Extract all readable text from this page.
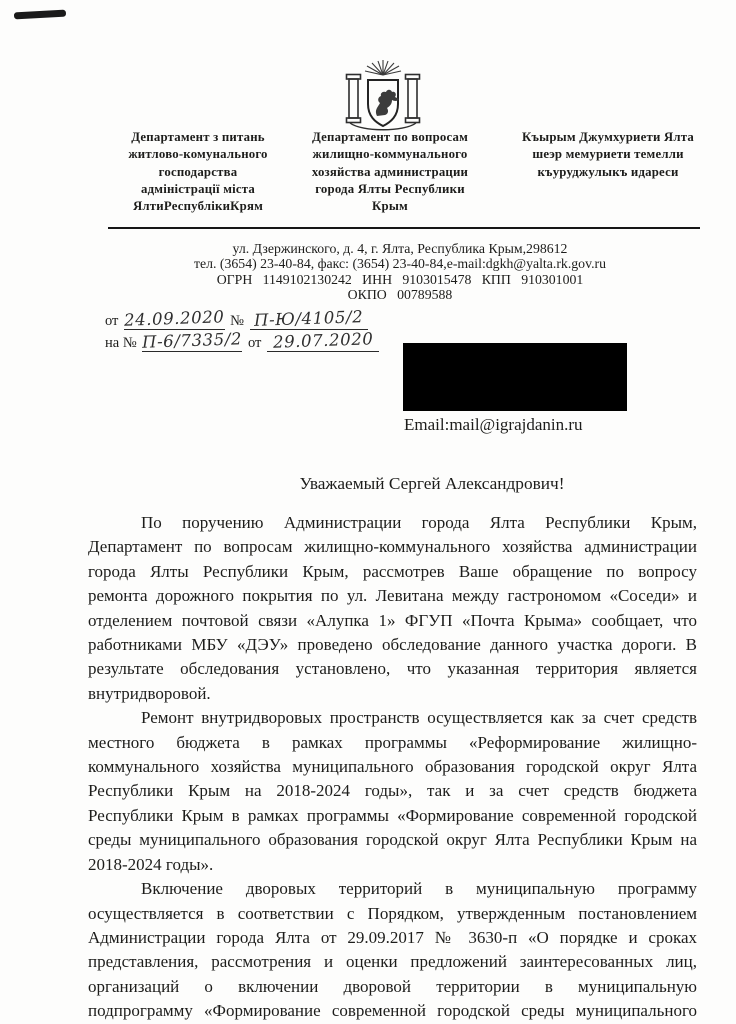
Департамент з питань
житлово-комунального
господарства
адміністрації міста
ЯлтиРеспублікиКрям
Департамент по вопросам
жилищно-коммунального
хозяйства администрации
города Ялты Республики
Крым
Къырым Джумхуриети Ялта
шеэр мемуриети темелли
къуруджулыкъ идареси
ул. Дзержинского, д. 4, г. Ялта, Республика Крым,298612
тел. (3654) 23-40-84, факс: (3654) 23-40-84,e-mail:dgkh@yalta.rk.gov.ru
ОГРН   1149102130242   ИНН   9103015478   КПП   910301001
ОКПО   00789588
от 24.09.2020 № П-Ю/4105/2
на № П-6/7335/2 от 29.07.2020
Email:mail@igrajdanin.ru
Уважаемый Сергей Александрович!
По поручению Администрации города Ялта Республики Крым,
Департамент по вопросам жилищно-коммунального хозяйства администрации
города Ялты Республики Крым, рассмотрев Ваше обращение по вопросу
ремонта дорожного покрытия по ул. Левитана между гастрономом «Соседи» и
отделением почтовой связи «Алупка 1» ФГУП «Почта Крыма» сообщает, что
работниками МБУ «ДЭУ» проведено обследование данного участка дороги. В
результате обследования установлено, что указанная территория является
внутридворовой.
Ремонт внутридворовых пространств осуществляется как за счет средств
местного бюджета в рамках программы «Реформирование жилищно-
коммунального хозяйства муниципального образования городской округ Ялта
Республики Крым на 2018-2024 годы», так и за счет средств бюджета
Республики Крым в рамках программы «Формирование современной городской
среды муниципального образования городской округ Ялта Республики Крым на
2018-2024 годы».
Включение дворовых территорий в муниципальную программу
осуществляется в соответствии с Порядком, утвержденным постановлением
Администрации города Ялта от 29.09.2017 № 3630-п «О порядке и сроках
представления, рассмотрения и оценки предложений заинтересованных лиц,
организаций о включении дворовой территории в муниципальную
подпрограмму «Формирование современной городской среды муниципального
